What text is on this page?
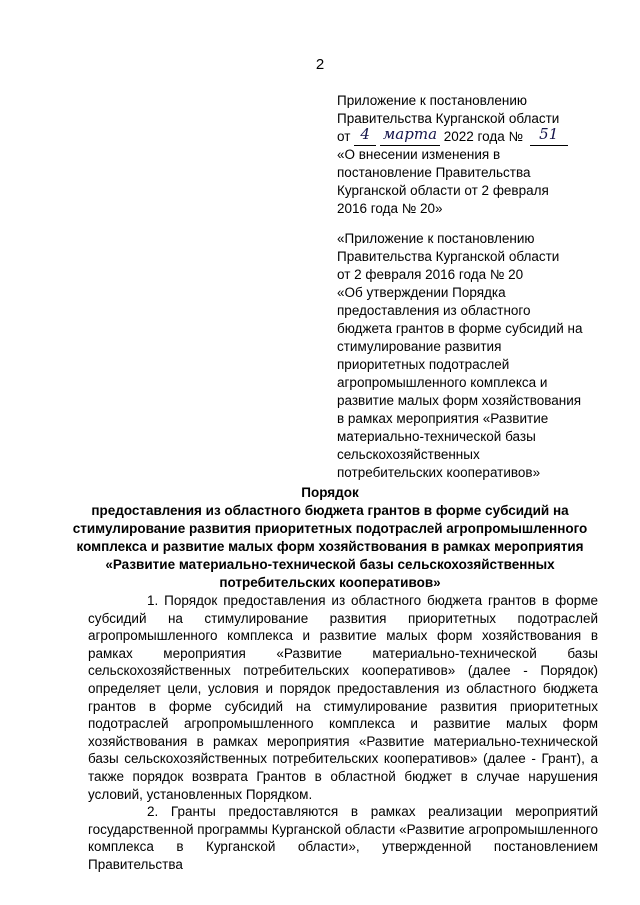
2
Приложение к постановлению
Правительства Курганской области
от 4 марта 2022 года № 51
«О внесении изменения в
постановление Правительства
Курганской области от 2 февраля
2016 года № 20»
«Приложение к постановлению
Правительства Курганской области
от 2 февраля 2016 года № 20
«Об утверждении Порядка
предоставления из областного
бюджета грантов в форме субсидий на
стимулирование развития
приоритетных подотраслей
агропромышленного комплекса и
развитие малых форм хозяйствования
в рамках мероприятия «Развитие
материально-технической базы
сельскохозяйственных
потребительских кооперативов»
Порядок
предоставления из областного бюджета грантов в форме субсидий на
стимулирование развития приоритетных подотраслей агропромышленного
комплекса и развитие малых форм хозяйствования в рамках мероприятия
«Развитие материально-технической базы сельскохозяйственных
потребительских кооперативов»

1. Порядок предоставления из областного бюджета грантов в форме субсидий на стимулирование развития приоритетных подотраслей агропромышленного комплекса и развитие малых форм хозяйствования в рамках мероприятия «Развитие материально-технической базы сельскохозяйственных потребительских кооперативов» (далее - Порядок) определяет цели, условия и порядок предоставления из областного бюджета грантов в форме субсидий на стимулирование развития приоритетных подотраслей агропромышленного комплекса и развитие малых форм хозяйствования в рамках мероприятия «Развитие материально-технической базы сельскохозяйственных потребительских кооперативов» (далее - Грант), а также порядок возврата Грантов в областной бюджет в случае нарушения условий, установленных Порядком.

2. Гранты предоставляются в рамках реализации мероприятий государственной программы Курганской области «Развитие агропромышленного комплекса в Курганской области», утвержденной постановлением Правительства
